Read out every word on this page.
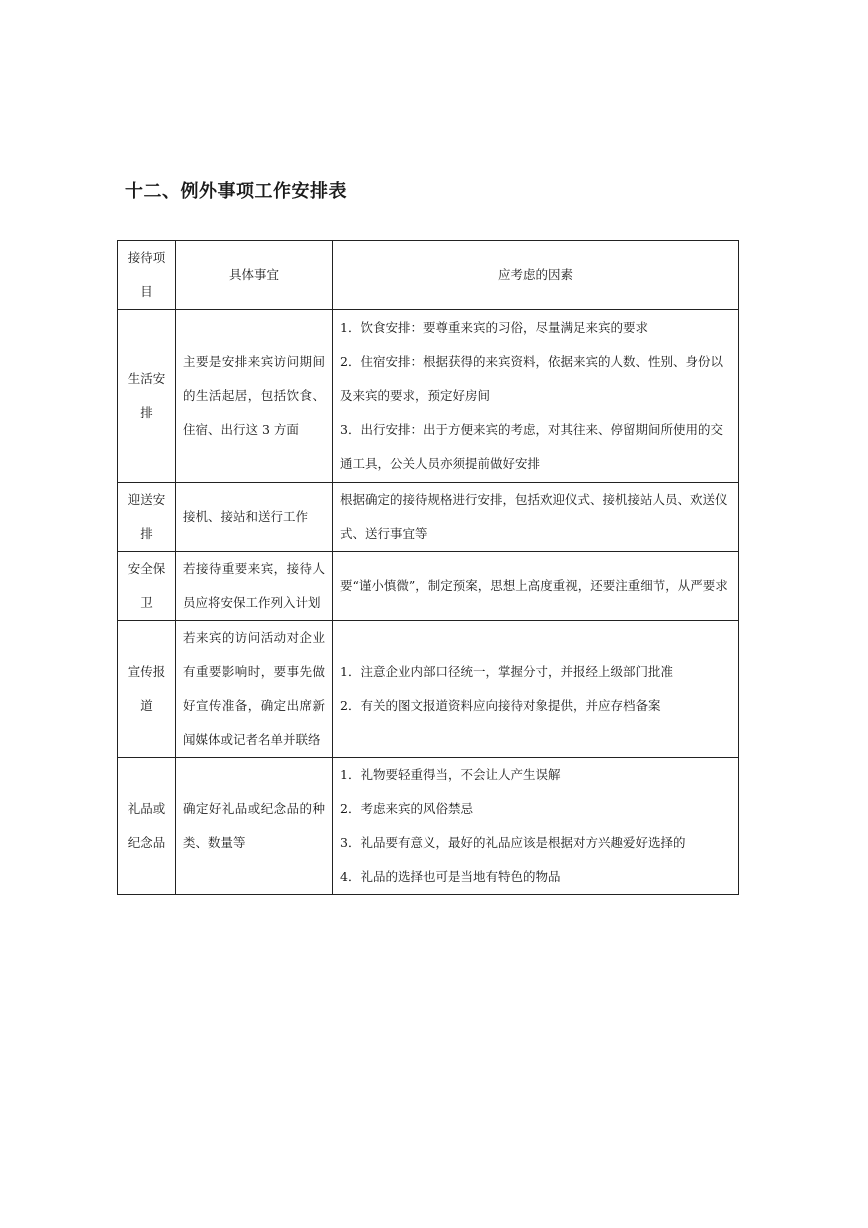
十二、例外事项工作安排表
接待项目	具体事宜	应考虑的因素
生活安排	主要是安排来宾访问期间的生活起居，包括饮食、住宿、出行这 3 方面	1．饮食安排：要尊重来宾的习俗，尽量满足来宾的要求
2．住宿安排：根据获得的来宾资料，依据来宾的人数、性别、身份以及来宾的要求，预定好房间
3．出行安排：出于方便来宾的考虑，对其往来、停留期间所使用的交通工具，公关人员亦须提前做好安排

迎送安排	接机、接站和送行工作	根据确定的接待规格进行安排，包括欢迎仪式、接机接站人员、欢送仪式、送行事宜等

安全保卫	若接待重要来宾，接待人员应将安保工作列入计划	要“谨小慎微”，制定预案，思想上高度重视，还要注重细节，从严要求

宣传报道	若来宾的访问活动对企业有重要影响时，要事先做好宣传准备，确定出席新闻媒体或记者名单并联络	1．注意企业内部口径统一，掌握分寸，并报经上级部门批准
2．有关的图文报道资料应向接待对象提供，并应存档备案

礼品或纪念品	确定好礼品或纪念品的种类、数量等	1．礼物要轻重得当，不会让人产生误解
2．考虑来宾的风俗禁忌
3．礼品要有意义，最好的礼品应该是根据对方兴趣爱好选择的
4．礼品的选择也可是当地有特色的物品
